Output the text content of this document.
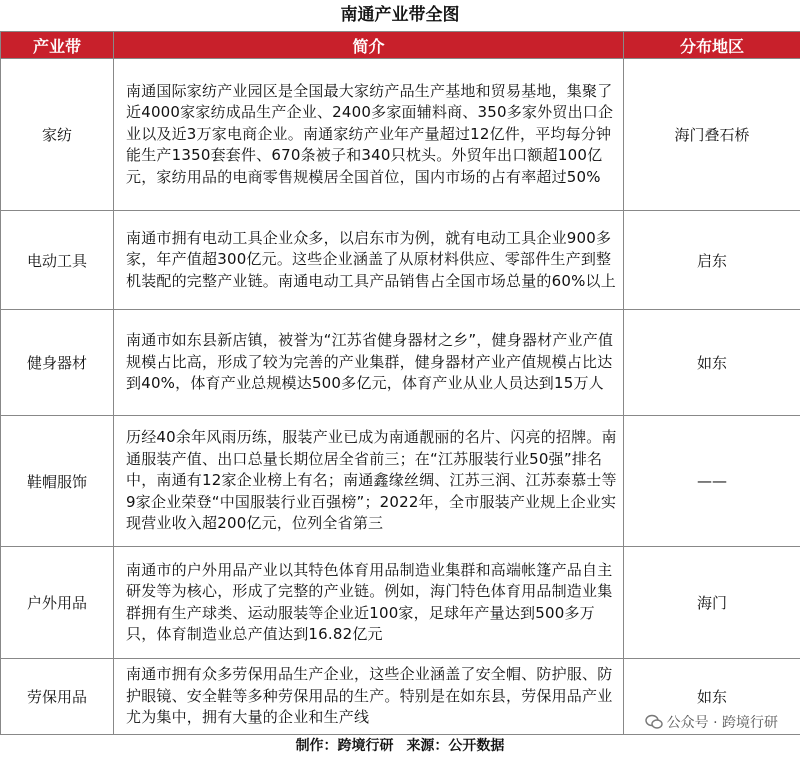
南通产业带全图
产业带	简介	分布地区
家纺	南通国际家纺产业园区是全国最大家纺产品生产基地和贸易基地，集聚了近4000家家纺成品生产企业、2400多家面辅料商、350多家外贸出口企业以及近3万家电商企业。南通家纺产业年产量超过12亿件，平均每分钟能生产1350套套件、670条被子和340只枕头。外贸年出口额超100亿元，家纺用品的电商零售规模居全国首位，国内市场的占有率超过50%	海门叠石桥
电动工具	南通市拥有电动工具企业众多，以启东市为例，就有电动工具企业900多家，年产值超300亿元。这些企业涵盖了从原材料供应、零部件生产到整机装配的完整产业链。南通电动工具产品销售占全国市场总量的60%以上	启东
健身器材	南通市如东县新店镇，被誉为“江苏省健身器材之乡”，健身器材产业产值规模占比高，形成了较为完善的产业集群，健身器材产业产值规模占比达到40%，体育产业总规模达500多亿元，体育产业从业人员达到15万人	如东
鞋帽服饰	历经40余年风雨历练，服装产业已成为南通靓丽的名片、闪亮的招牌。南通服装产值、出口总量长期位居全省前三；在“江苏服装行业50强”排名中，南通有12家企业榜上有名；南通鑫缘丝绸、江苏三润、江苏泰慕士等9家企业荣登“中国服装行业百强榜”；2022年，全市服装产业规上企业实现营业收入超200亿元，位列全省第三	——
户外用品	南通市的户外用品产业以其特色体育用品制造业集群和高端帐篷产品自主研发等为核心，形成了完整的产业链。例如，海门特色体育用品制造业集群拥有生产球类、运动服装等企业近100家，足球年产量达到500多万只，体育制造业总产值达到16.82亿元	海门
劳保用品	南通市拥有众多劳保用品生产企业，这些企业涵盖了安全帽、防护服、防护眼镜、安全鞋等多种劳保用品的生产。特别是在如东县，劳保用品产业尤为集中，拥有大量的企业和生产线	如东
公众号 · 跨境行研
制作：跨境行研 来源：公开数据
